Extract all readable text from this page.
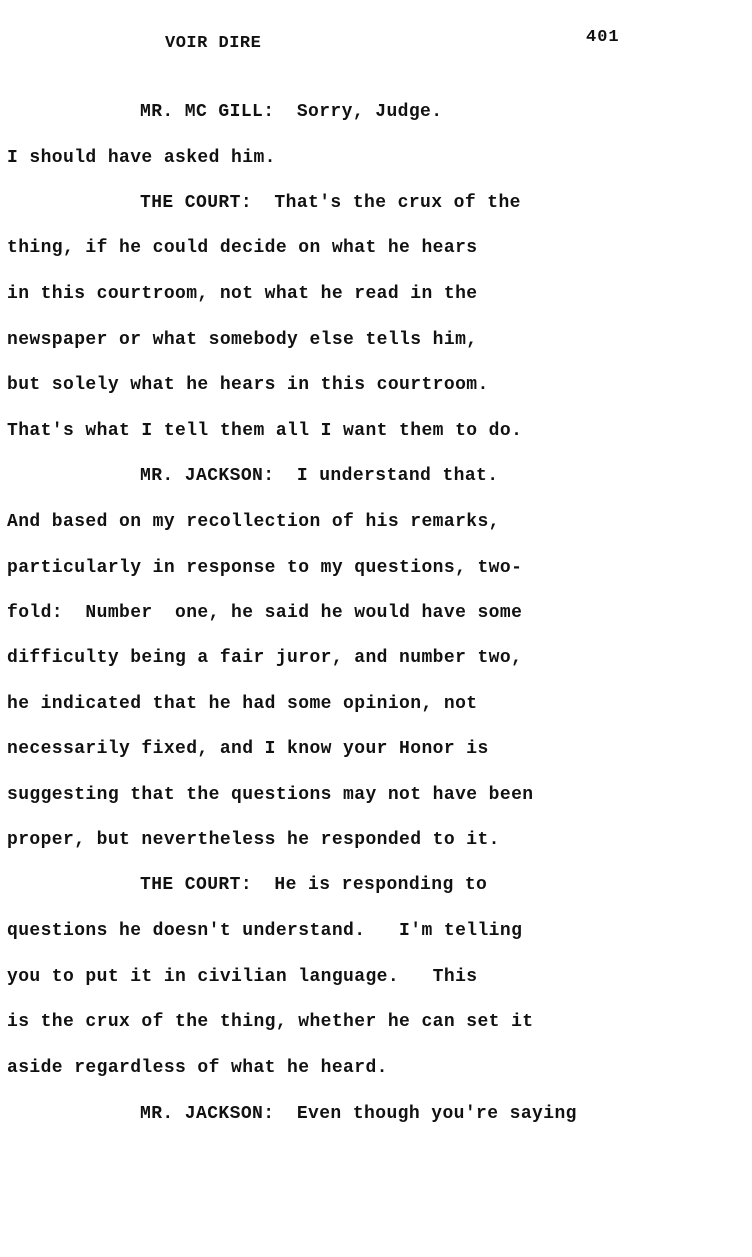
VOIR DIRE	401
MR. MC GILL:  Sorry, Judge.
I should have asked him.
THE COURT:  That's the crux of the
thing, if he could decide on what he hears
in this courtroom, not what he read in the
newspaper or what somebody else tells him,
but solely what he hears in this courtroom.
That's what I tell them all I want them to do.
MR. JACKSON:  I understand that.
And based on my recollection of his remarks,
particularly in response to my questions, two-
fold:  Number  one, he said he would have some
difficulty being a fair juror, and number two,
he indicated that he had some opinion, not
necessarily fixed, and I know your Honor is
suggesting that the questions may not have been
proper, but nevertheless he responded to it.
THE COURT:  He is responding to
questions he doesn't understand.   I'm telling
you to put it in civilian language.   This
is the crux of the thing, whether he can set it
aside regardless of what he heard.
MR. JACKSON:  Even though you're saying
